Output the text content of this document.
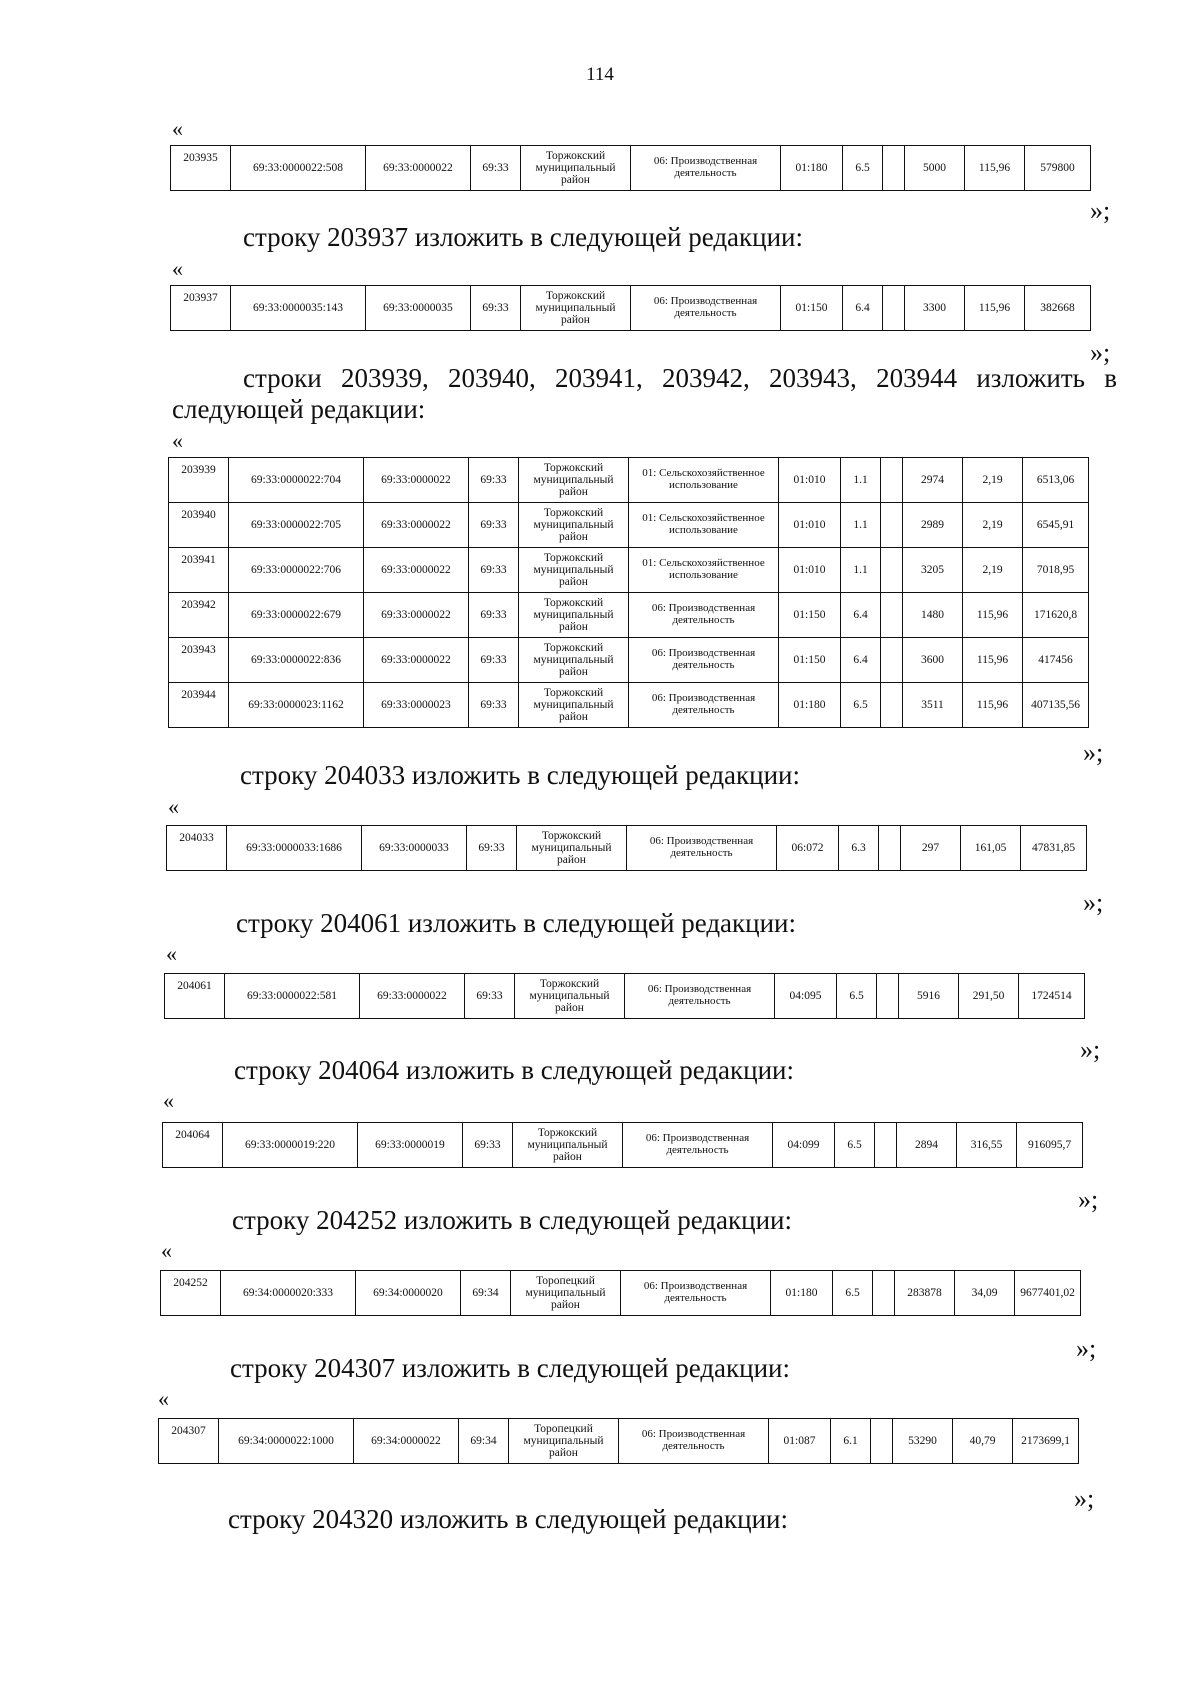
114
«
203935	69:33:0000022:508	69:33:0000022	69:33	Торжокский муниципальный район	06: Производственная деятельность	01:180	6.5		5000	115,96	579800
»;
строку 203937 изложить в следующей редакции:
«
203937	69:33:0000035:143	69:33:0000035	69:33	Торжокский муниципальный район	06: Производственная деятельность	01:150	6.4		3300	115,96	382668
»;
строки 203939, 203940, 203941, 203942, 203943, 203944 изложить в следующей редакции:
«
203939	69:33:0000022:704	69:33:0000022	69:33	Торжокский муниципальный район	01: Сельскохозяйственное использование	01:010	1.1		2974	2,19	6513,06
203940	69:33:0000022:705	69:33:0000022	69:33	Торжокский муниципальный район	01: Сельскохозяйственное использование	01:010	1.1		2989	2,19	6545,91
203941	69:33:0000022:706	69:33:0000022	69:33	Торжокский муниципальный район	01: Сельскохозяйственное использование	01:010	1.1		3205	2,19	7018,95
203942	69:33:0000022:679	69:33:0000022	69:33	Торжокский муниципальный район	06: Производственная деятельность	01:150	6.4		1480	115,96	171620,8
203943	69:33:0000022:836	69:33:0000022	69:33	Торжокский муниципальный район	06: Производственная деятельность	01:150	6.4		3600	115,96	417456
203944	69:33:0000023:1162	69:33:0000023	69:33	Торжокский муниципальный район	06: Производственная деятельность	01:180	6.5		3511	115,96	407135,56
»;
строку 204033 изложить в следующей редакции:
«
204033	69:33:0000033:1686	69:33:0000033	69:33	Торжокский муниципальный район	06: Производственная деятельность	06:072	6.3		297	161,05	47831,85
»;
строку 204061 изложить в следующей редакции:
«
204061	69:33:0000022:581	69:33:0000022	69:33	Торжокский муниципальный район	06: Производственная деятельность	04:095	6.5		5916	291,50	1724514
»;
строку 204064 изложить в следующей редакции:
«
204064	69:33:0000019:220	69:33:0000019	69:33	Торжокский муниципальный район	06: Производственная деятельность	04:099	6.5		2894	316,55	916095,7
»;
строку 204252 изложить в следующей редакции:
«
204252	69:34:0000020:333	69:34:0000020	69:34	Торопецкий муниципальный район	06: Производственная деятельность	01:180	6.5		283878	34,09	9677401,02
»;
строку 204307 изложить в следующей редакции:
«
204307	69:34:0000022:1000	69:34:0000022	69:34	Торопецкий муниципальный район	06: Производственная деятельность	01:087	6.1		53290	40,79	2173699,1
»;
строку 204320 изложить в следующей редакции:
